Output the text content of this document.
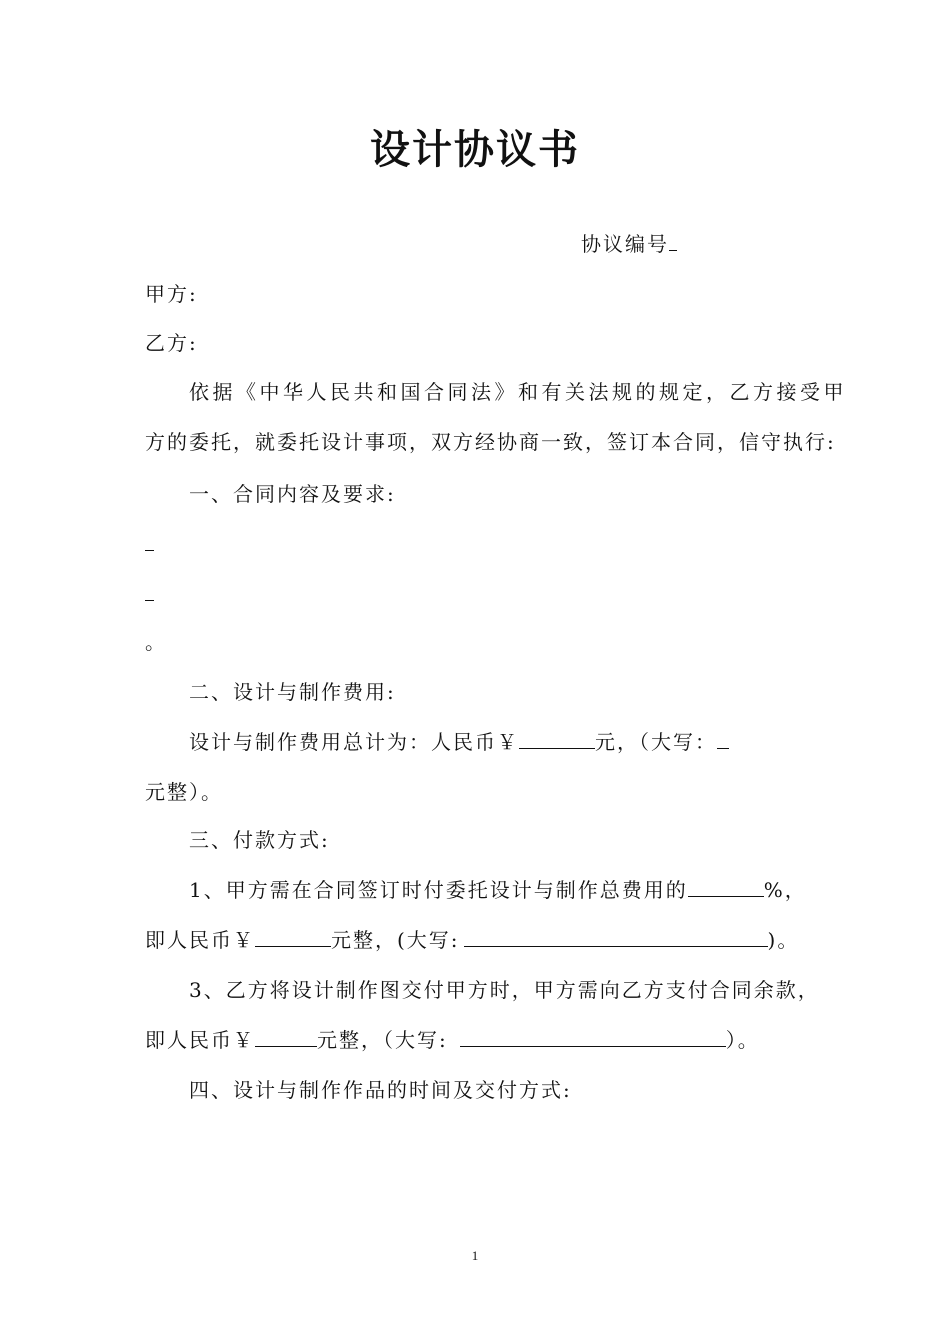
设计协议书
协议编号
甲方:
乙方:
依据《中华人民共和国合同法》和有关法规的规定，乙方接受甲
方的委托，就委托设计事项，双方经协商一致，签订本合同，信守执行:
一、合同内容及要求:
。
二、设计与制作费用:
设计与制作费用总计为：人民币￥	元，（大写：
元整）。
三、付款方式:
1、甲方需在合同签订时付委托设计与制作总费用的	%，
即人民币￥	元整，(大写:	)。
3、乙方将设计制作图交付甲方时，甲方需向乙方支付合同余款，
即人民币￥	元整，（大写:	）。
四、设计与制作作品的时间及交付方式:
1
